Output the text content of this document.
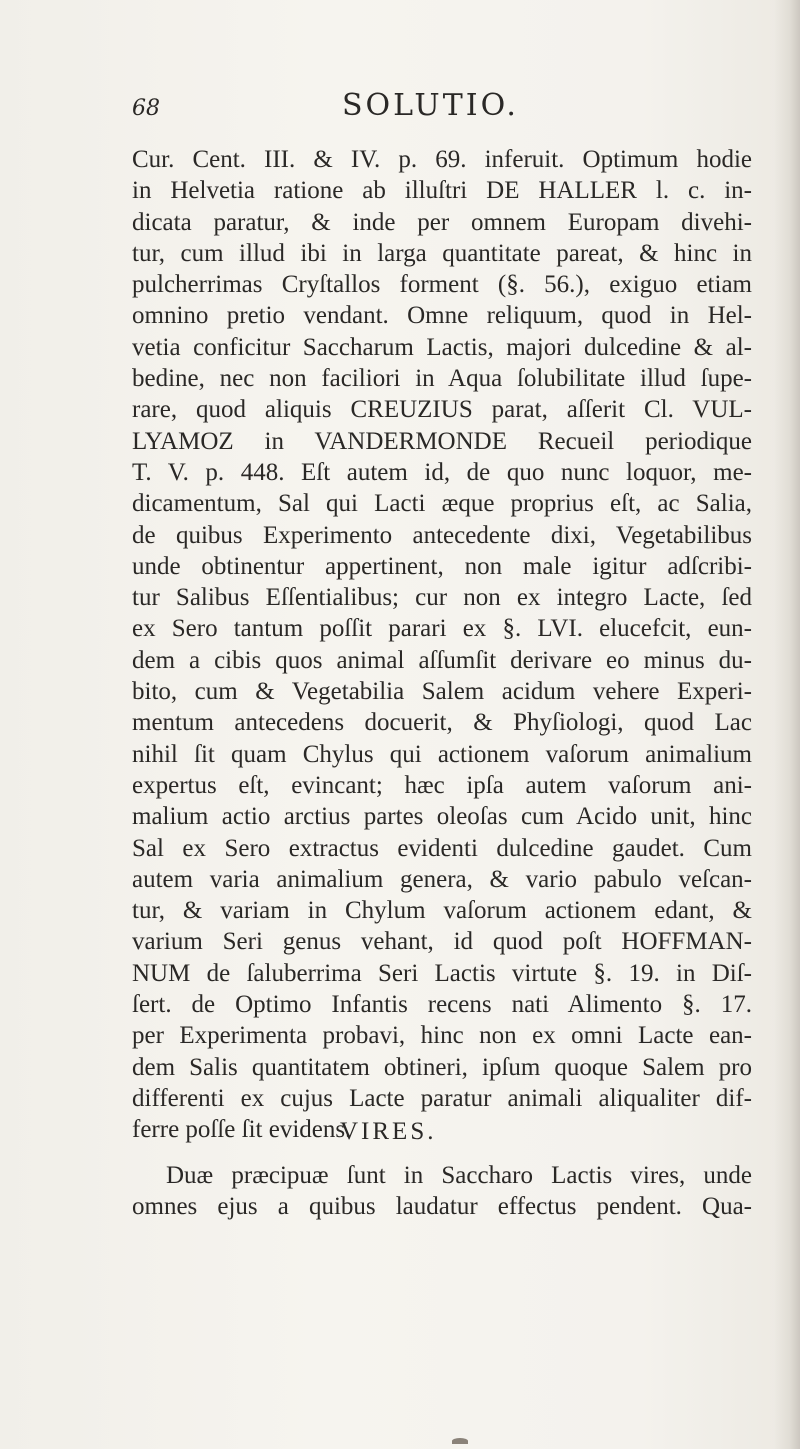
68	SOLUTIO.
Cur. Cent. III. & IV. p. 69. inferuit. Optimum hodie
in Helvetia ratione ab illuſtri DE HALLER l. c. in-
dicata paratur, & inde per omnem Europam divehi-
tur, cum illud ibi in larga quantitate pareat, & hinc in
pulcherrimas Cryſtallos forment (§. 56.), exiguo etiam
omnino pretio vendant. Omne reliquum, quod in Hel-
vetia conficitur Saccharum Lactis, majori dulcedine & al-
bedine, nec non faciliori in Aqua ſolubilitate illud ſupe-
rare, quod aliquis CREUZIUS parat, aſſerit Cl. VUL-
LYAMOZ in VANDERMONDE Recueil periodique
T. V. p. 448. Eſt autem id, de quo nunc loquor, me-
dicamentum, Sal qui Lacti æque proprius eſt, ac Salia,
de quibus Experimento antecedente dixi, Vegetabilibus
unde obtinentur appertinent, non male igitur adſcribi-
tur Salibus Eſſentialibus; cur non ex integro Lacte, ſed
ex Sero tantum poſſit parari ex §. LVI. elucefcit, eun-
dem a cibis quos animal aſſumſit derivare eo minus du-
bito, cum & Vegetabilia Salem acidum vehere Experi-
mentum antecedens docuerit, & Phyſiologi, quod Lac
nihil ſit quam Chylus qui actionem vaſorum animalium
expertus eſt, evincant; hæc ipſa autem vaſorum ani-
malium actio arctius partes oleoſas cum Acido unit, hinc
Sal ex Sero extractus evidenti dulcedine gaudet. Cum
autem varia animalium genera, & vario pabulo veſcan-
tur, & variam in Chylum vaſorum actionem edant, &
varium Seri genus vehant, id quod poſt HOFFMAN-
NUM de ſaluberrima Seri Lactis virtute §. 19. in Diſ-
ſert. de Optimo Infantis recens nati Alimento §. 17.
per Experimenta probavi, hinc non ex omni Lacte ean-
dem Salis quantitatem obtineri, ipſum quoque Salem pro
differenti ex cujus Lacte paratur animali aliqualiter dif-
ferre poſſe ſit evidens.
VIRES.
Duæ præcipuæ ſunt in Saccharo Lactis vires, unde
omnes ejus a quibus laudatur effectus pendent. Qua-
